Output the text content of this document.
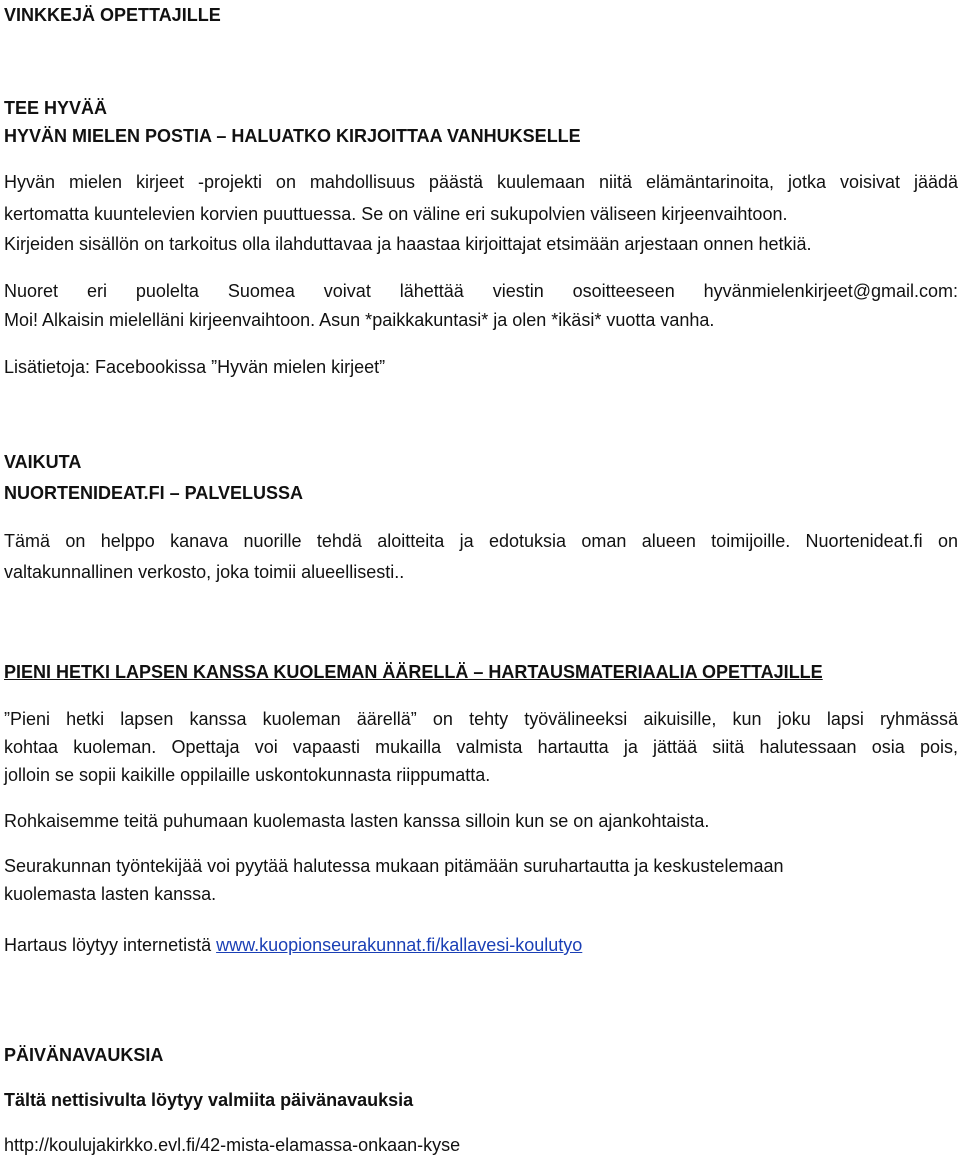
VINKKEJÄ OPETTAJILLE
TEE HYVÄÄ
HYVÄN MIELEN POSTIA – HALUATKO KIRJOITTAA VANHUKSELLE
Hyvän mielen kirjeet -projekti on mahdollisuus päästä kuulemaan niitä elämäntarinoita, jotka voisivat jäädä
kertomatta kuuntelevien korvien puuttuessa. Se on väline eri sukupolvien väliseen kirjeenvaihtoon.
Kirjeiden sisällön on tarkoitus olla ilahduttavaa ja haastaa kirjoittajat etsimään arjestaan onnen hetkiä.
Nuoret eri puolelta Suomea voivat lähettää viestin osoitteeseen hyvänmielenkirjeet@gmail.com:
Moi! Alkaisin mielelläni kirjeenvaihtoon. Asun *paikkakuntasi* ja olen *ikäsi* vuotta vanha.
Lisätietoja: Facebookissa ”Hyvän mielen kirjeet”
VAIKUTA
NUORTENIDEAT.FI – PALVELUSSA
Tämä on helppo kanava nuorille tehdä aloitteita ja edotuksia oman alueen toimijoille. Nuortenideat.fi on
valtakunnallinen verkosto, joka toimii alueellisesti..
PIENI HETKI LAPSEN KANSSA KUOLEMAN ÄÄRELLÄ – HARTAUSMATERIAALIA OPETTAJILLE
”Pieni hetki lapsen kanssa kuoleman äärellä” on tehty työvälineeksi aikuisille, kun joku lapsi ryhmässä
kohtaa kuoleman. Opettaja voi vapaasti mukailla valmista hartautta ja jättää siitä halutessaan osia pois,
jolloin se sopii kaikille oppilaille uskontokunnasta riippumatta.
Rohkaisemme teitä puhumaan kuolemasta lasten kanssa silloin kun se on ajankohtaista.
Seurakunnan työntekijää voi pyytää halutessa mukaan pitämään suruhartautta ja keskustelemaan
kuolemasta lasten kanssa.
Hartaus löytyy internetistä www.kuopionseurakunnat.fi/kallavesi-koulutyo
PÄIVÄNAVAUKSIA
Tältä nettisivulta löytyy valmiita päivänavauksia
http://koulujakirkko.evl.fi/42-mista-elamassa-onkaan-kyse
